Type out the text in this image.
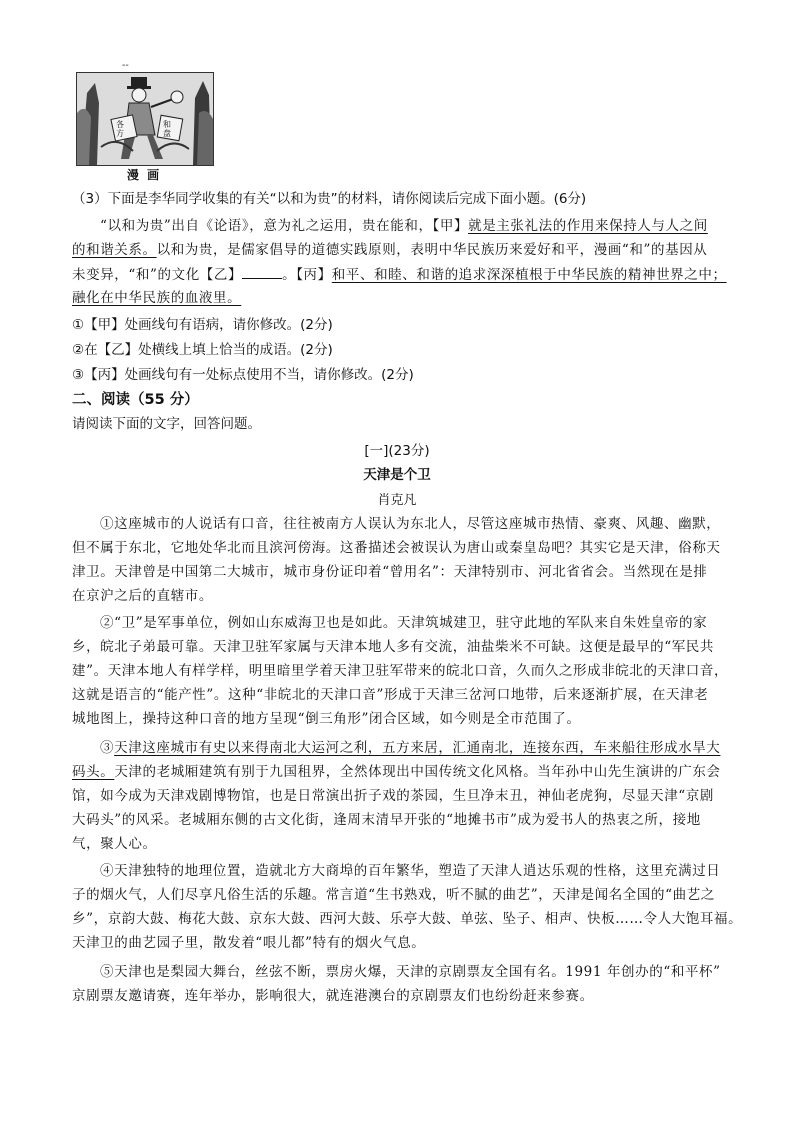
--
各方
和盘
漫 画
（3）下面是李华同学收集的有关“以和为贵”的材料，请你阅读后完成下面小题。(6分)
“以和为贵”出自《论语》，意为礼之运用，贵在能和，【甲】就是主张礼法的作用来保持人与人之间
的和谐关系。以和为贵，是儒家倡导的道德实践原则，表明中华民族历来爱好和平，漫画“和”的基因从
未变异，“和”的文化【乙】	。【丙】和平、和睦、和谐的追求深深植根于中华民族的精神世界之中；
融化在中华民族的血液里。
①【甲】处画线句有语病，请你修改。(2分)
②在【乙】处横线上填上恰当的成语。(2分)
③【丙】处画线句有一处标点使用不当，请你修改。(2分)
二、阅读（55 分）
请阅读下面的文字，回答问题。
[一](23分)
天津是个卫
肖克凡
①这座城市的人说话有口音，往往被南方人误认为东北人，尽管这座城市热情、豪爽、风趣、幽默，
但不属于东北，它地处华北而且滨河傍海。这番描述会被误认为唐山或秦皇岛吧？其实它是天津，俗称天
津卫。天津曾是中国第二大城市，城市身份证印着“曾用名”：天津特别市、河北省省会。当然现在是排
在京沪之后的直辖市。
②“卫”是军事单位，例如山东威海卫也是如此。天津筑城建卫，驻守此地的军队来自朱姓皇帝的家
乡，皖北子弟最可靠。天津卫驻军家属与天津本地人多有交流，油盐柴米不可缺。这便是最早的“军民共
建”。天津本地人有样学样，明里暗里学着天津卫驻军带来的皖北口音，久而久之形成非皖北的天津口音，
这就是语言的“能产性”。这种“非皖北的天津口音”形成于天津三岔河口地带，后来逐渐扩展，在天津老
城地图上，操持这种口音的地方呈现“倒三角形”闭合区域，如今则是全市范围了。
③天津这座城市有史以来得南北大运河之利，五方来居，汇通南北，连接东西，车来船往形成水旱大
码头。天津的老城厢建筑有别于九国租界，全然体现出中国传统文化风格。当年孙中山先生演讲的广东会
馆，如今成为天津戏剧博物馆，也是日常演出折子戏的茶园，生旦净末丑，神仙老虎狗，尽显天津“京剧
大码头”的风采。老城厢东侧的古文化街，逢周末清早开张的“地摊书市”成为爱书人的热衷之所，接地
气，聚人心。
④天津独特的地理位置，造就北方大商埠的百年繁华，塑造了天津人逍达乐观的性格，这里充满过日
子的烟火气，人们尽享凡俗生活的乐趣。常言道“生书熟戏，听不腻的曲艺”，天津是闻名全国的“曲艺之
乡”，京韵大鼓、梅花大鼓、京东大鼓、西河大鼓、乐亭大鼓、单弦、坠子、相声、快板……令人大饱耳福。
天津卫的曲艺园子里，散发着“哏儿都”特有的烟火气息。
⑤天津也是梨园大舞台，丝弦不断，票房火爆，天津的京剧票友全国有名。1991 年创办的“和平杯”
京剧票友邀请赛，连年举办，影响很大，就连港澳台的京剧票友们也纷纷赶来参赛。
